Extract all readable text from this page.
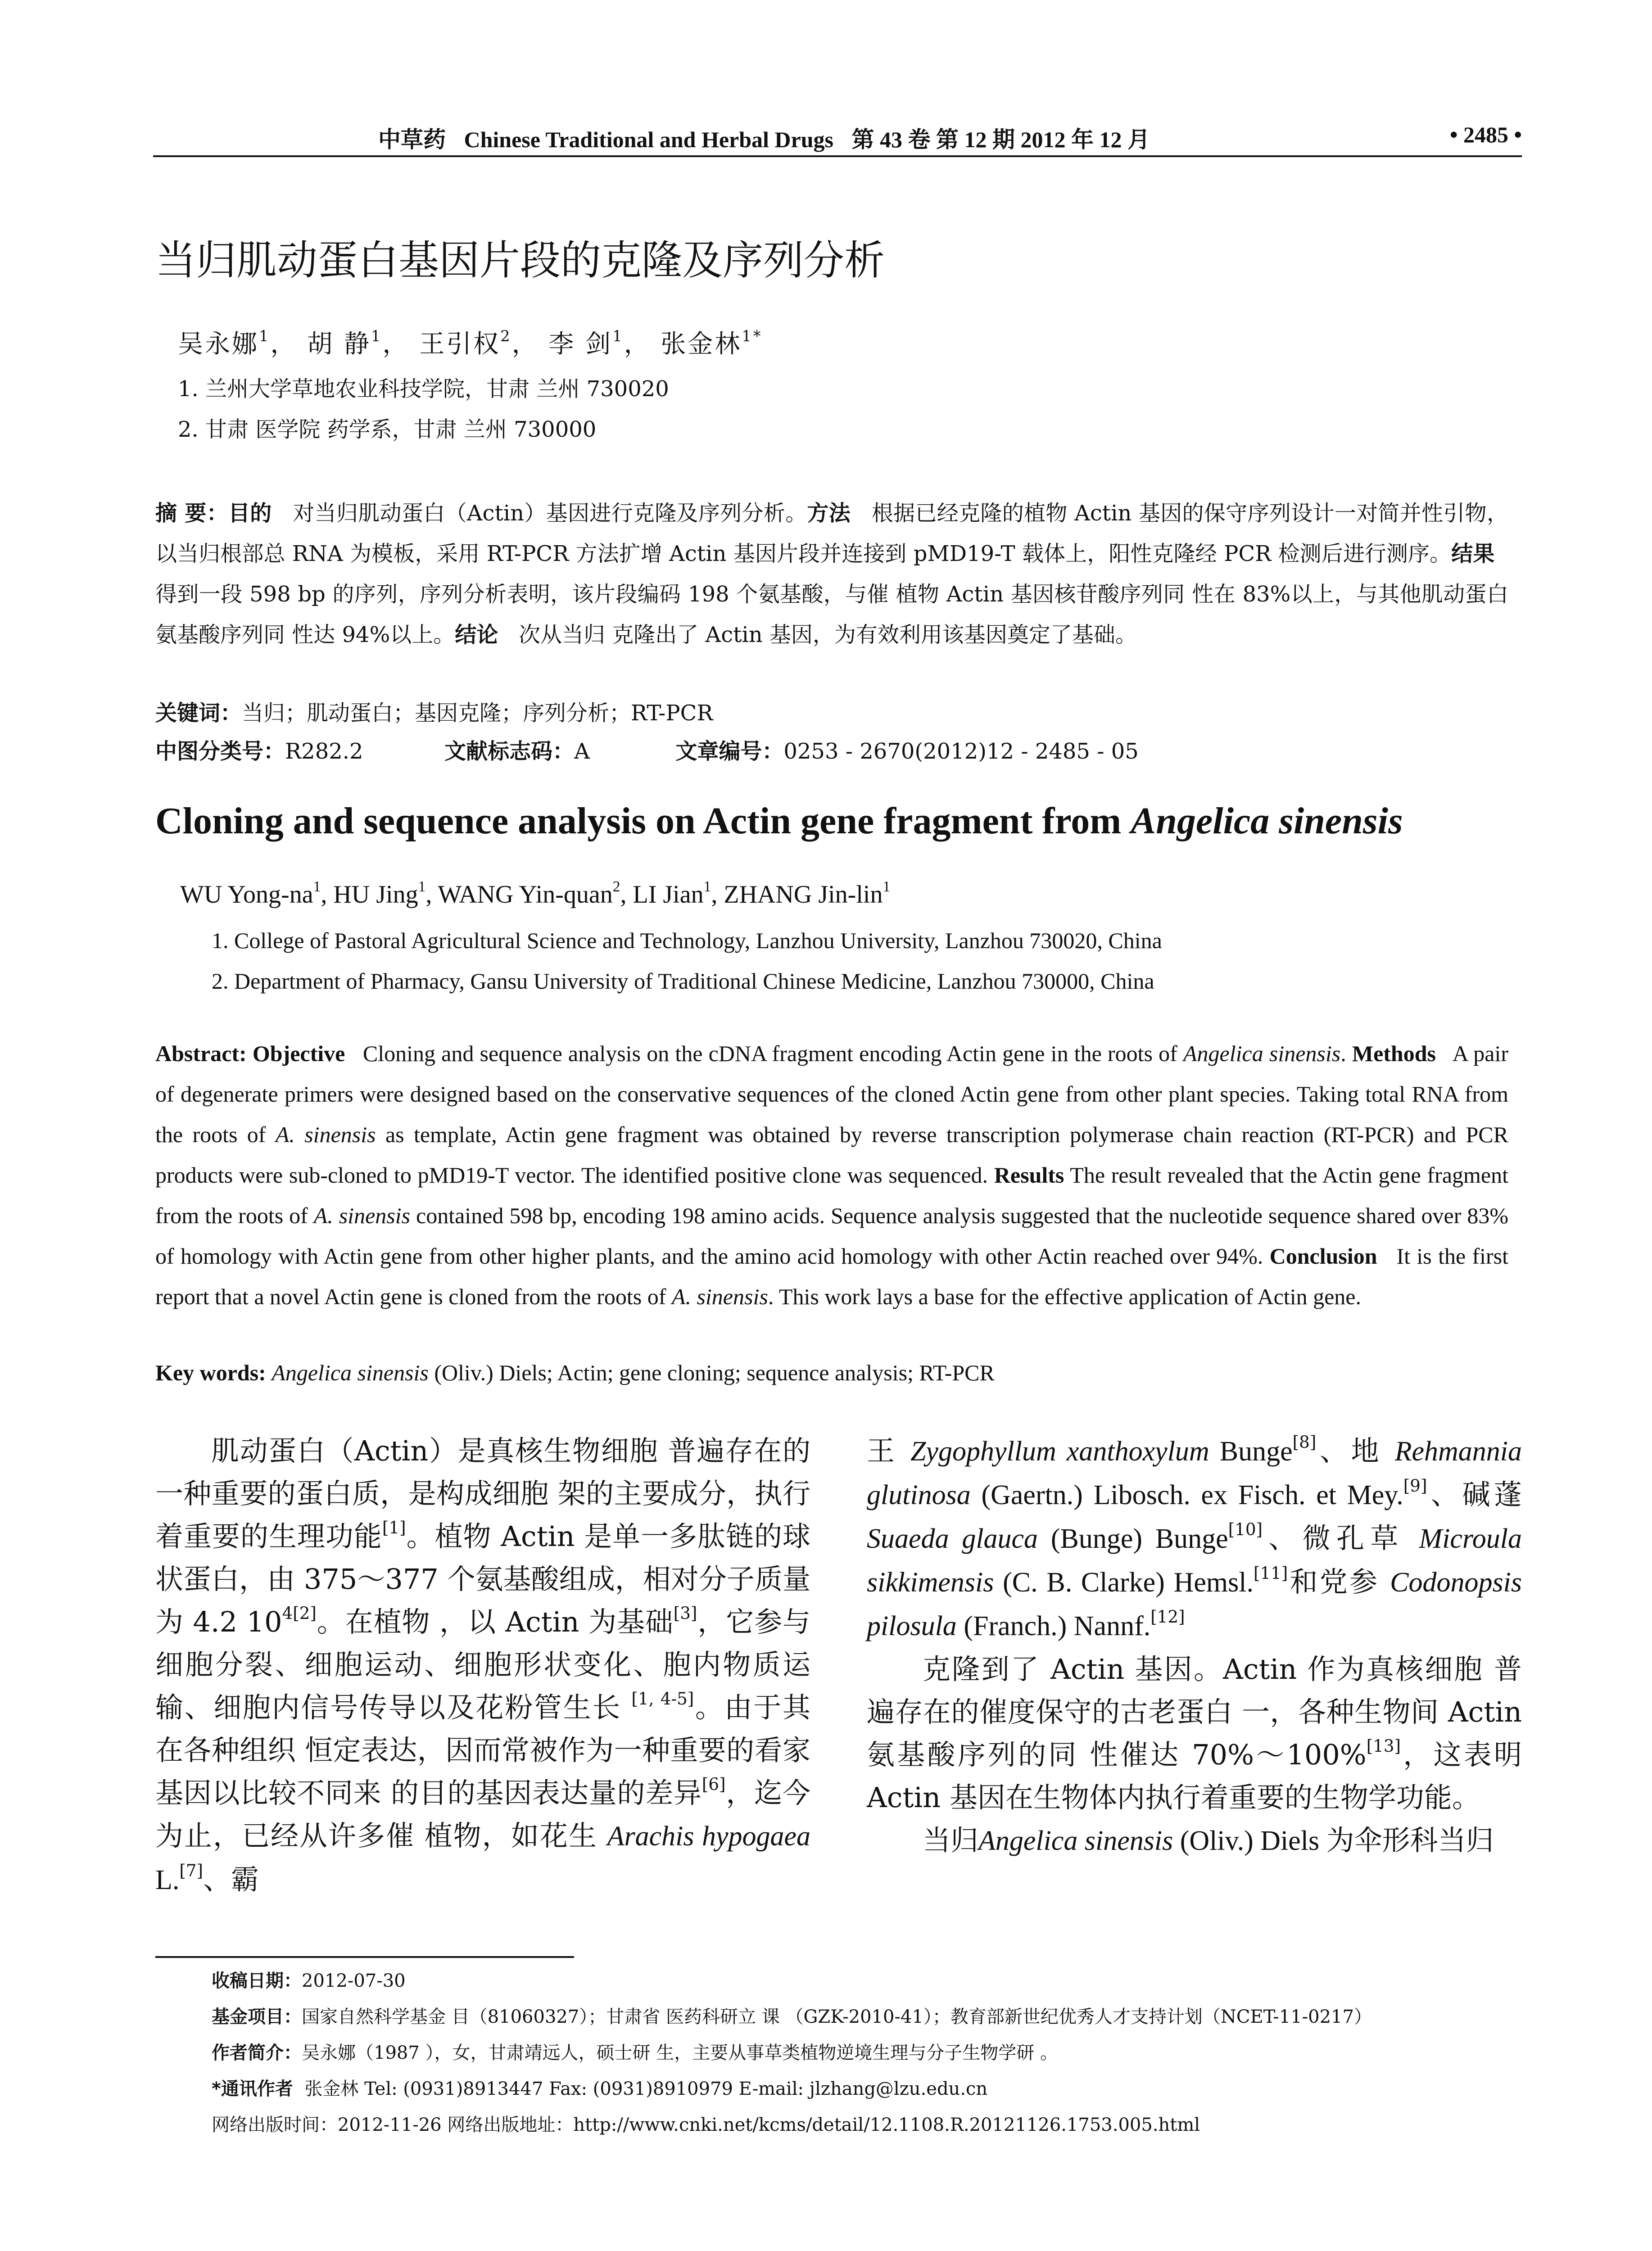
中草药 Chinese Traditional and Herbal Drugs 第 43 卷 第 12 期 2012 年 12 月	• 2485 •
当归肌动蛋白基因片段的克隆及序列分析
吴永娜$^1$， 胡 静$^1$， 王引权$^2$， 李 剑$^1$， 张金林$^{1*}$
1. 兰州大学草地农业科技学院，甘肃 兰州 730020
2. 甘肃 医学院 药学系，甘肃 兰州 730000
摘 要：目的 对当归肌动蛋白（Actin）基因进行克隆及序列分析。方法 根据已经克隆的植物 Actin 基因的保守序列设计一对简并性引物，以当归根部总 RNA 为模板，采用 RT-PCR 方法扩增 Actin 基因片段并连接到 pMD19-T 载体上，阳性克隆经 PCR 检测后进行测序。结果   得到一段 598 bp 的序列，序列分析表明，该片段编码 198 个氨基酸，与催 植物 Actin 基因核苷酸序列同 性在 83%以上，与其他肌动蛋白氨基酸序列同 性达 94%以上。结论 次从当归 克隆出了 Actin 基因，为有效利用该基因奠定了基础。
关键词：当归；肌动蛋白；基因克隆；序列分析；RT-PCR
中图分类号：R282.2	文献标志码：A	文章编号：0253 - 2670(2012)12 - 2485 - 05
Cloning and sequence analysis on Actin gene fragment from Angelica sinensis
WU Yong-$na^1$, HU Jing$^1$, WANG Yin-quan$^2$, LI Jian$^1$, ZHANG Jin-lin$^1$
1. College of Pastoral Agricultural Science and Technology, Lanzhou University, Lanzhou 730020, China
2. Department of Pharmacy, Gansu University of Traditional Chinese Medicine, Lanzhou 730000, China
Abstract: Objective Cloning and sequence analysis on the cDNA fragment encoding Actin gene in the roots of Angelica sinensis. Methods A pair of degenerate primers were designed based on the conservative sequences of the cloned Actin gene from other plant species. Taking total RNA from the roots of A. sinensis as template, Actin gene fragment was obtained by reverse transcription polymerase chain reaction (RT-PCR) and PCR products were sub-cloned to pMD19-T vector. The identified positive clone was sequenced. Results The result revealed that the Actin gene fragment from the roots of A. sinensis contained 598 bp, encoding 198 amino acids. Sequence analysis suggested that the nucleotide sequence shared over 83% of homology with Actin gene from other higher plants, and the amino acid homology with other Actin reached over 94%. Conclusion It is the first report that a novel Actin gene is cloned from the roots of A. sinensis. This work lays a base for the effective application of Actin gene.
Key words: Angelica sinensis (Oliv.) Diels; Actin; gene cloning; sequence analysis; RT-PCR

肌动蛋白（Actin）是真核生物细胞 普遍存在的一种重要的蛋白质，是构成细胞 架的主要成分，执行着重要的生理功能[1]。植物 Actin 是单一多肽链的球状蛋白，由 375～377 个氨基酸组成，相对分子质量为 4.2 $10^{4[2]}$。在植物 ，以 Actin 为基础[3]，它参与细胞分裂、细胞运动、细胞形状变化、胞内物质运输、细胞内信号传导以及花粉管生长 [1, 4-5]。由于其在各种组织 恒定表达，因而常被作为一种重要的看家基因以比较不同来 的目的基因表达量的差异[6]，迄今为止，已经从许多催 植物，如花生 Arachis hypogaea L.[7]、霸

王 Zygophyllum xanthoxylum Bunge[8]、地 Rehmannia glutinosa (Gaertn.) Libosch. ex Fisch. et Mey.[9]、碱蓬 Suaeda glauca (Bunge) Bunge[10]、微孔草 Microula sikkimensis (C. B. Clarke) Hemsl.[11]和党参 Codonopsis pilosula (Franch.) Nannf.[12]

克隆到了 Actin 基因。Actin 作为真核细胞 普遍存在的催度保守的古老蛋白 一，各种生物间 Actin 氨基酸序列的同 性催达 70%～100%[13]，这表明 Actin 基因在生物体内执行着重要的生物学功能。

当归Angelica sinensis (Oliv.) Diels 为伞形科当归

收稿日期：2012-07-30
基金项目：国家自然科学基金 目（81060327）；甘肃省 医药科研立 课 （GZK-2010-41）；教育部新世纪优秀人才支持计划（NCET-11-0217）
作者简介：吴永娜（1987 ），女，甘肃靖远人，硕士研 生，主要从事草类植物逆境生理与分子生物学研 。
*通讯作者 张金林 Tel: (0931)8913447 Fax: (0931)8910979 E-mail: jlzhang@lzu.edu.cn
网络出版时间：2012-11-26 网络出版地址：http://www.cnki.net/kcms/detail/12.1108.R.20121126.1753.005.html
